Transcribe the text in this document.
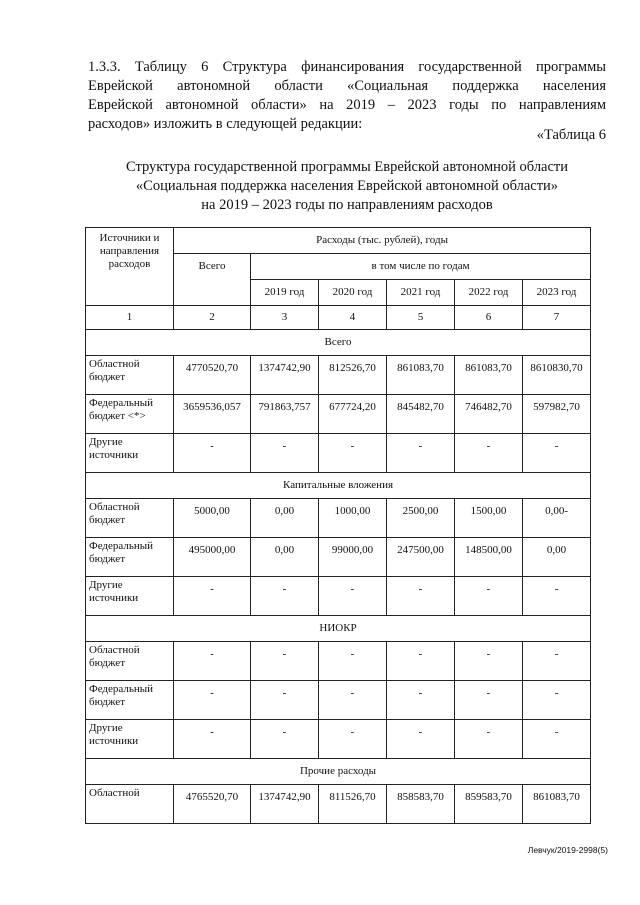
1.3.3. Таблицу 6 Структура финансирования государственной программы
Еврейской автономной области «Социальная поддержка населения
Еврейской автономной области» на 2019 – 2023 годы по направлениям
расходов» изложить в следующей редакции:
«Таблица 6
Структура государственной программы Еврейской автономной области
«Социальная поддержка населения Еврейской автономной области»
на 2019 – 2023 годы по направлениям расходов
Источники и направления расходов	Расходы (тыс. рублей), годы					
	Всего	в том числе по годам				
		2019 год	2020 год	2021 год	2022 год	2023 год
1	2	3	4	5	6	7
Всего						
Областной бюджет	4770520,70	1374742,90	812526,70	861083,70	861083,70	8610830,70
Федеральный бюджет <*>	3659536,057	791863,757	677724,20	845482,70	746482,70	597982,70
Другие источники	-	-	-	-	-	-
Капитальные вложения						
Областной бюджет	5000,00	0,00	1000,00	2500,00	1500,00	0,00-
Федеральный бюджет	495000,00	0,00	99000,00	247500,00	148500,00	0,00
Другие источники	-	-	-	-	-	-
НИОКР						
Областной бюджет	-	-	-	-	-	-
Федеральный бюджет	-	-	-	-	-	-
Другие источники	-	-	-	-	-	-
Прочие расходы						
Областной	4765520,70	1374742,90	811526,70	858583,70	859583,70	861083,70
Левчук/2019-2998(5)
